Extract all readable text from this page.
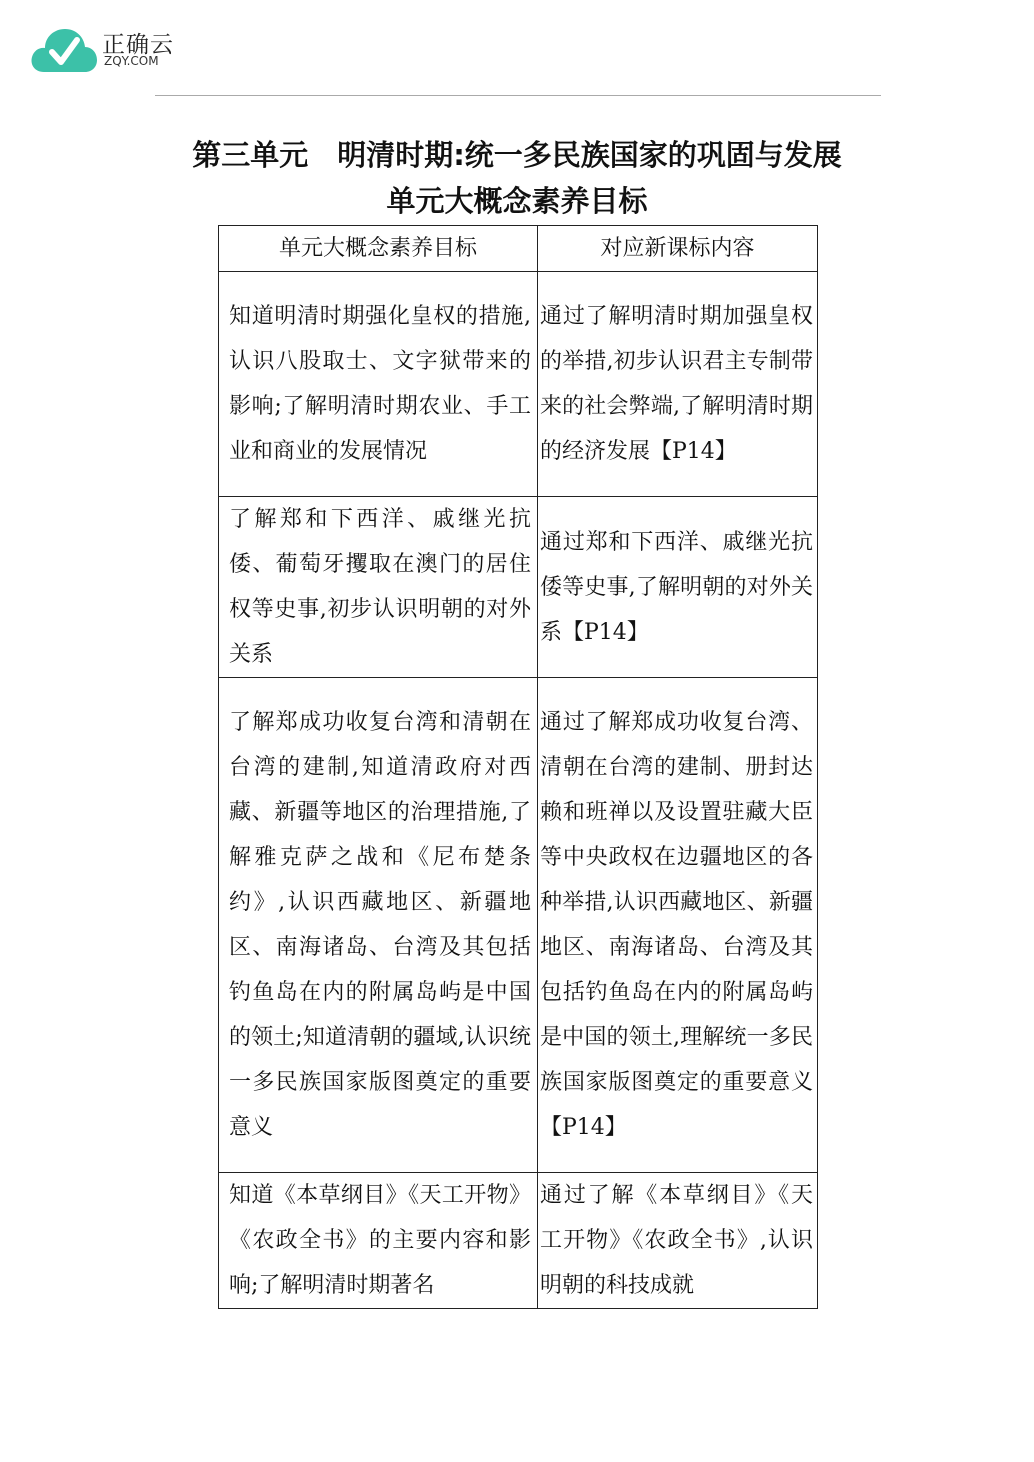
正确云
ZQY.COM
第三单元　明清时期:统一多民族国家的巩固与发展
单元大概念素养目标
单元大概念素养目标	对应新课标内容
知道明清时期强化皇权的措施,认识八股取士、文字狱带来的影响;了解明清时期农业、手工业和商业的发展情况	通过了解明清时期加强皇权的举措,初步认识君主专制带来的社会弊端,了解明清时期的经济发展【P14】
了解郑和下西洋、戚继光抗倭、葡萄牙攫取在澳门的居住权等史事,初步认识明朝的对外关系	通过郑和下西洋、戚继光抗倭等史事,了解明朝的对外关系【P14】
了解郑成功收复台湾和清朝在台湾的建制,知道清政府对西藏、新疆等地区的治理措施,了解雅克萨之战和《尼布楚条约》,认识西藏地区、新疆地区、南海诸岛、台湾及其包括钓鱼岛在内的附属岛屿是中国的领土;知道清朝的疆域,认识统一多民族国家版图奠定的重要意义	通过了解郑成功收复台湾、清朝在台湾的建制、册封达赖和班禅以及设置驻藏大臣等中央政权在边疆地区的各种举措,认识西藏地区、新疆地区、南海诸岛、台湾及其包括钓鱼岛在内的附属岛屿是中国的领土,理解统一多民族国家版图奠定的重要意义【P14】
知道《本草纲目》《天工开物》《农政全书》的主要内容和影响;了解明清时期著名	通过了解《本草纲目》《天工开物》《农政全书》,认识明朝的科技成就
